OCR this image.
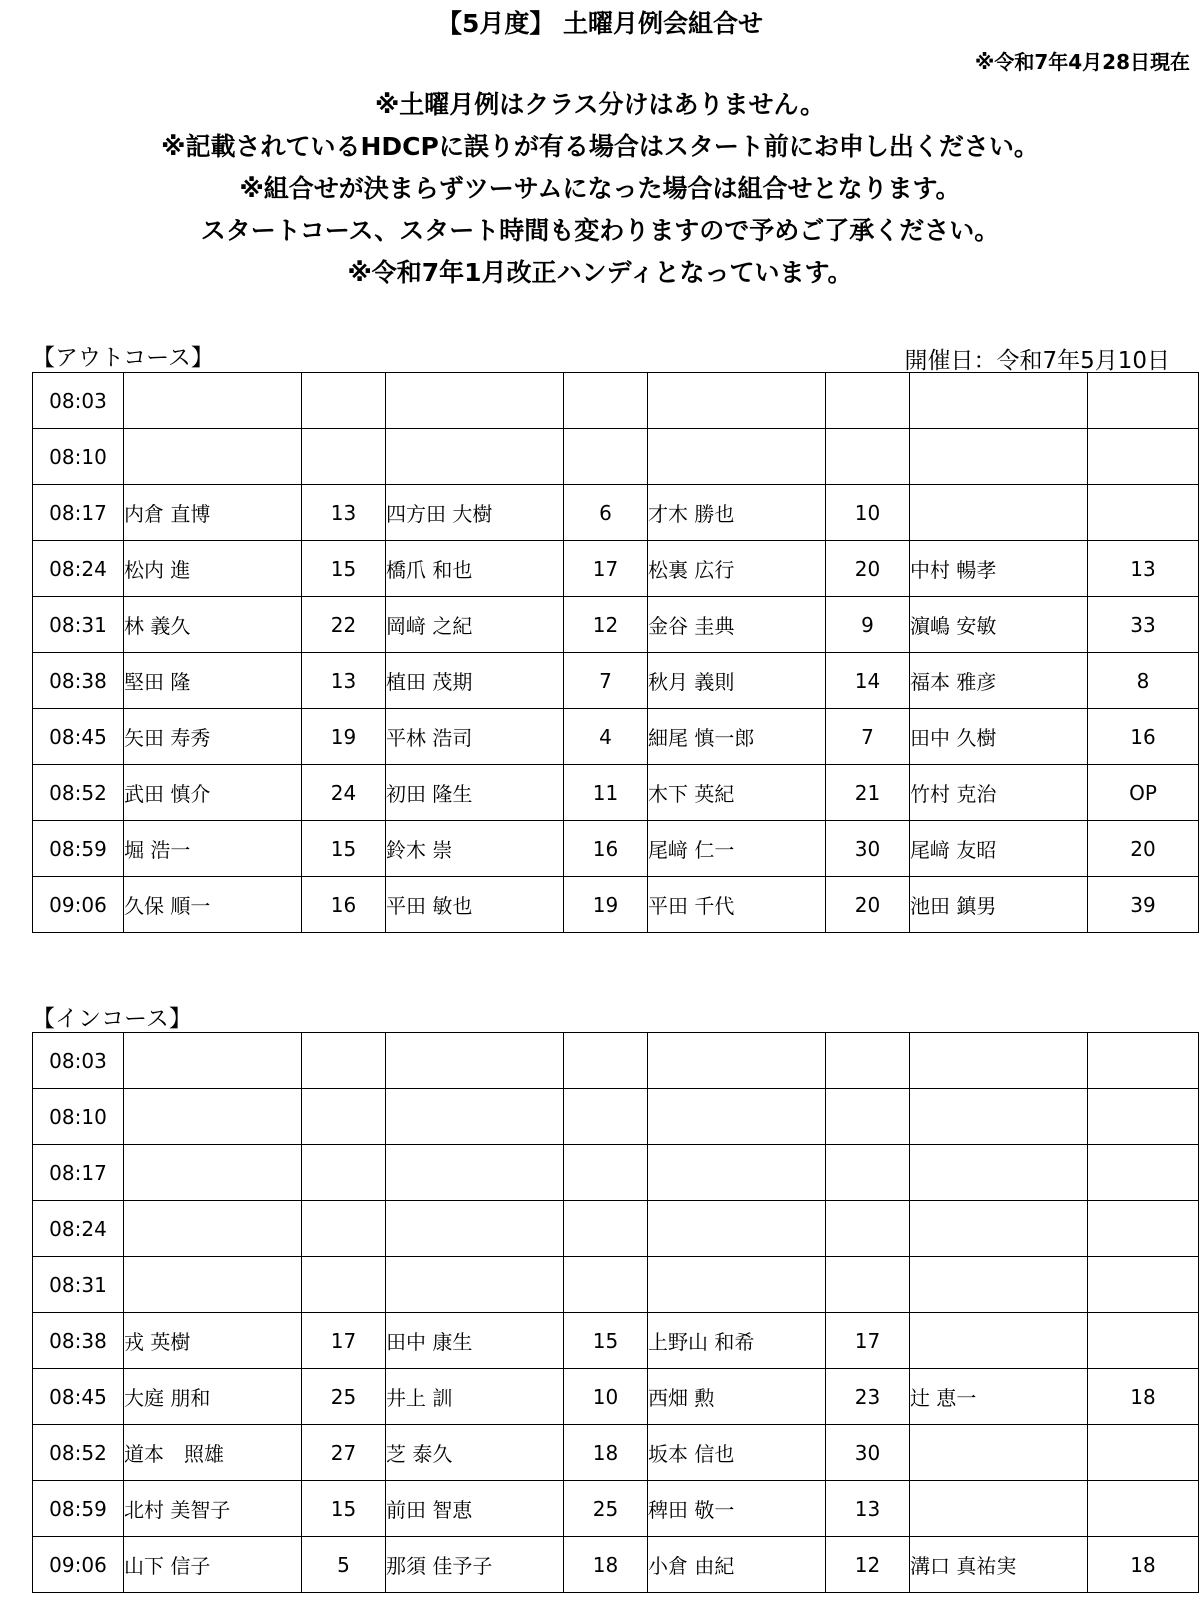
【5月度】 土曜月例会組合せ
※令和7年4月28日現在
※土曜月例はクラス分けはありません。
※記載されているHDCPに誤りが有る場合はスタート前にお申し出ください。
※組合せが決まらずツーサムになった場合は組合せとなります。
スタートコース、スタート時間も変わりますので予めご了承ください。
※令和7年1月改正ハンディとなっています。
【アウトコース】	開催日：令和7年5月10日
08:03								
08:10								
08:17	内倉 直博	13	四方田 大樹	6	才木 勝也	10		
08:24	松内 進	15	橋爪 和也	17	松裏 広行	20	中村 暢孝	13
08:31	林 義久	22	岡﨑 之紀	12	金谷 圭典	9	濵嶋 安敏	33
08:38	堅田 隆	13	植田 茂期	7	秋月 義則	14	福本 雅彦	8
08:45	矢田 寿秀	19	平林 浩司	4	細尾 慎一郎	7	田中 久樹	16
08:52	武田 慎介	24	初田 隆生	11	木下 英紀	21	竹村 克治	OP
08:59	堀 浩一	15	鈴木 崇	16	尾﨑 仁一	30	尾﨑 友昭	20
09:06	久保 順一	16	平田 敏也	19	平田 千代	20	池田 鎮男	39
【インコース】
08:03								
08:10								
08:17								
08:24								
08:31								
08:38	戎 英樹	17	田中 康生	15	上野山 和希	17		
08:45	大庭 朋和	25	井上 訓	10	西畑 勲	23	辻 恵一	18
08:52	道本　照雄	27	芝 泰久	18	坂本 信也	30		
08:59	北村 美智子	15	前田 智恵	25	稗田 敬一	13		
09:06	山下 信子	5	那須 佳予子	18	小倉 由紀	12	溝口 真祐実	18
